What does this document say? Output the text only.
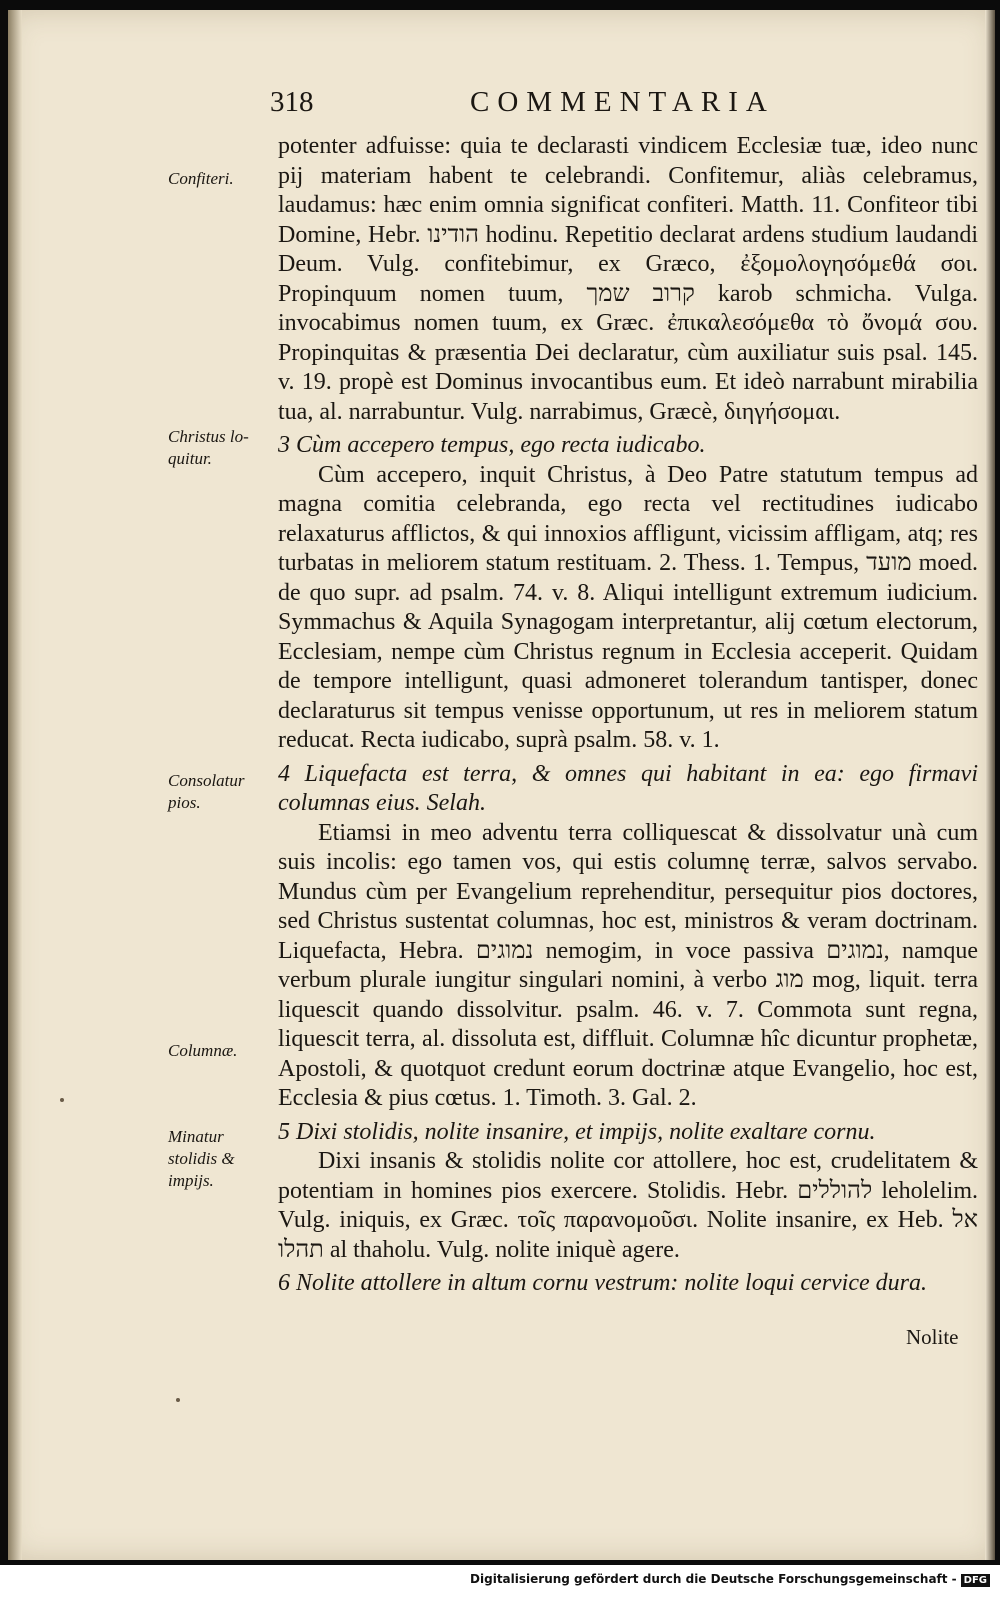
318	COMMENTARIA
Confiteri.
Christus lo- quitur.
Consolatur pios.
Columnæ.
Minatur stolidis & impijs.

potenter adfuisse: quia te declarasti vindicem Ecclesiæ tuæ, ideo nunc pij materiam habent te celebrandi. Confitemur, aliàs celebramus, laudamus: hæc enim omnia significat confiteri. Matth. 11. Confiteor tibi Domine, Hebr. הודינו hodinu. Repetitio declarat ardens studium laudandi Deum. Vulg. confitebimur, ex Græco, ἐξομολογησόμεθά σοι. Propinquum nomen tuum, קרוב שמך karob schmicha. Vulga. invocabimus nomen tuum, ex Græc. ἐπικαλεσόμεθα τὸ ὄνομά σου. Propinquitas & præsentia Dei declaratur, cùm auxiliatur suis psal. 145. v. 19. propè est Dominus invocantibus eum. Et ideò narrabunt mirabilia tua, al. narrabuntur. Vulg. narrabimus, Græcè, διηγήσομαι.

3 Cùm accepero tempus, ego recta iudicabo.

Cùm accepero, inquit Christus, à Deo Patre statutum tempus ad magna comitia celebranda, ego recta vel rectitudines iudicabo relaxaturus afflictos, & qui innoxios affligunt, vicissim affligam, atq; res turbatas in meliorem statum restituam. 2. Thess. 1. Tempus, מועד moed. de quo supr. ad psalm. 74. v. 8. Aliqui intelligunt extremum iudicium. Symmachus & Aquila Synagogam interpretantur, alij cœtum electorum, Ecclesiam, nempe cùm Christus regnum in Ecclesia acceperit. Quidam de tempore intelligunt, quasi admoneret tolerandum tantisper, donec declaraturus sit tempus venisse opportunum, ut res in meliorem statum reducat. Recta iudicabo, suprà psalm. 58. v. 1.

4 Liquefacta est terra, & omnes qui habitant in ea: ego firmavi columnas eius. Selah.

Etiamsi in meo adventu terra colliquescat & dissolvatur unà cum suis incolis: ego tamen vos, qui estis columnę terræ, salvos servabo. Mundus cùm per Evangelium reprehenditur, persequitur pios doctores, sed Christus sustentat columnas, hoc est, ministros & veram doctrinam. Liquefacta, Hebra. נמוגים nemogim, in voce passiva נמוגים, namque verbum plurale iungitur singulari nomini, à verbo מוג mog, liquit. terra liquescit quando dissolvitur. psalm. 46. v. 7. Commota sunt regna, liquescit terra, al. dissoluta est, diffluit. Columnæ hîc dicuntur prophetæ, Apostoli, & quotquot credunt eorum doctrinæ atque Evangelio, hoc est, Ecclesia & pius cœtus. 1. Timoth. 3. Gal. 2.

5 Dixi stolidis, nolite insanire, et impijs, nolite exaltare cornu.

Dixi insanis & stolidis nolite cor attollere, hoc est, crudelitatem & potentiam in homines pios exercere. Stolidis. Hebr. להוללים leholelim. Vulg. iniquis, ex Græc. τοῖς παρανομοῦσι. Nolite insanire, ex Heb. אל תהלו al thaholu. Vulg. nolite iniquè agere.

6 Nolite attollere in altum cornu vestrum: nolite loqui cervice dura.

Nolite
Digitalisierung gefördert durch die Deutsche Forschungsgemeinschaft - DFG
